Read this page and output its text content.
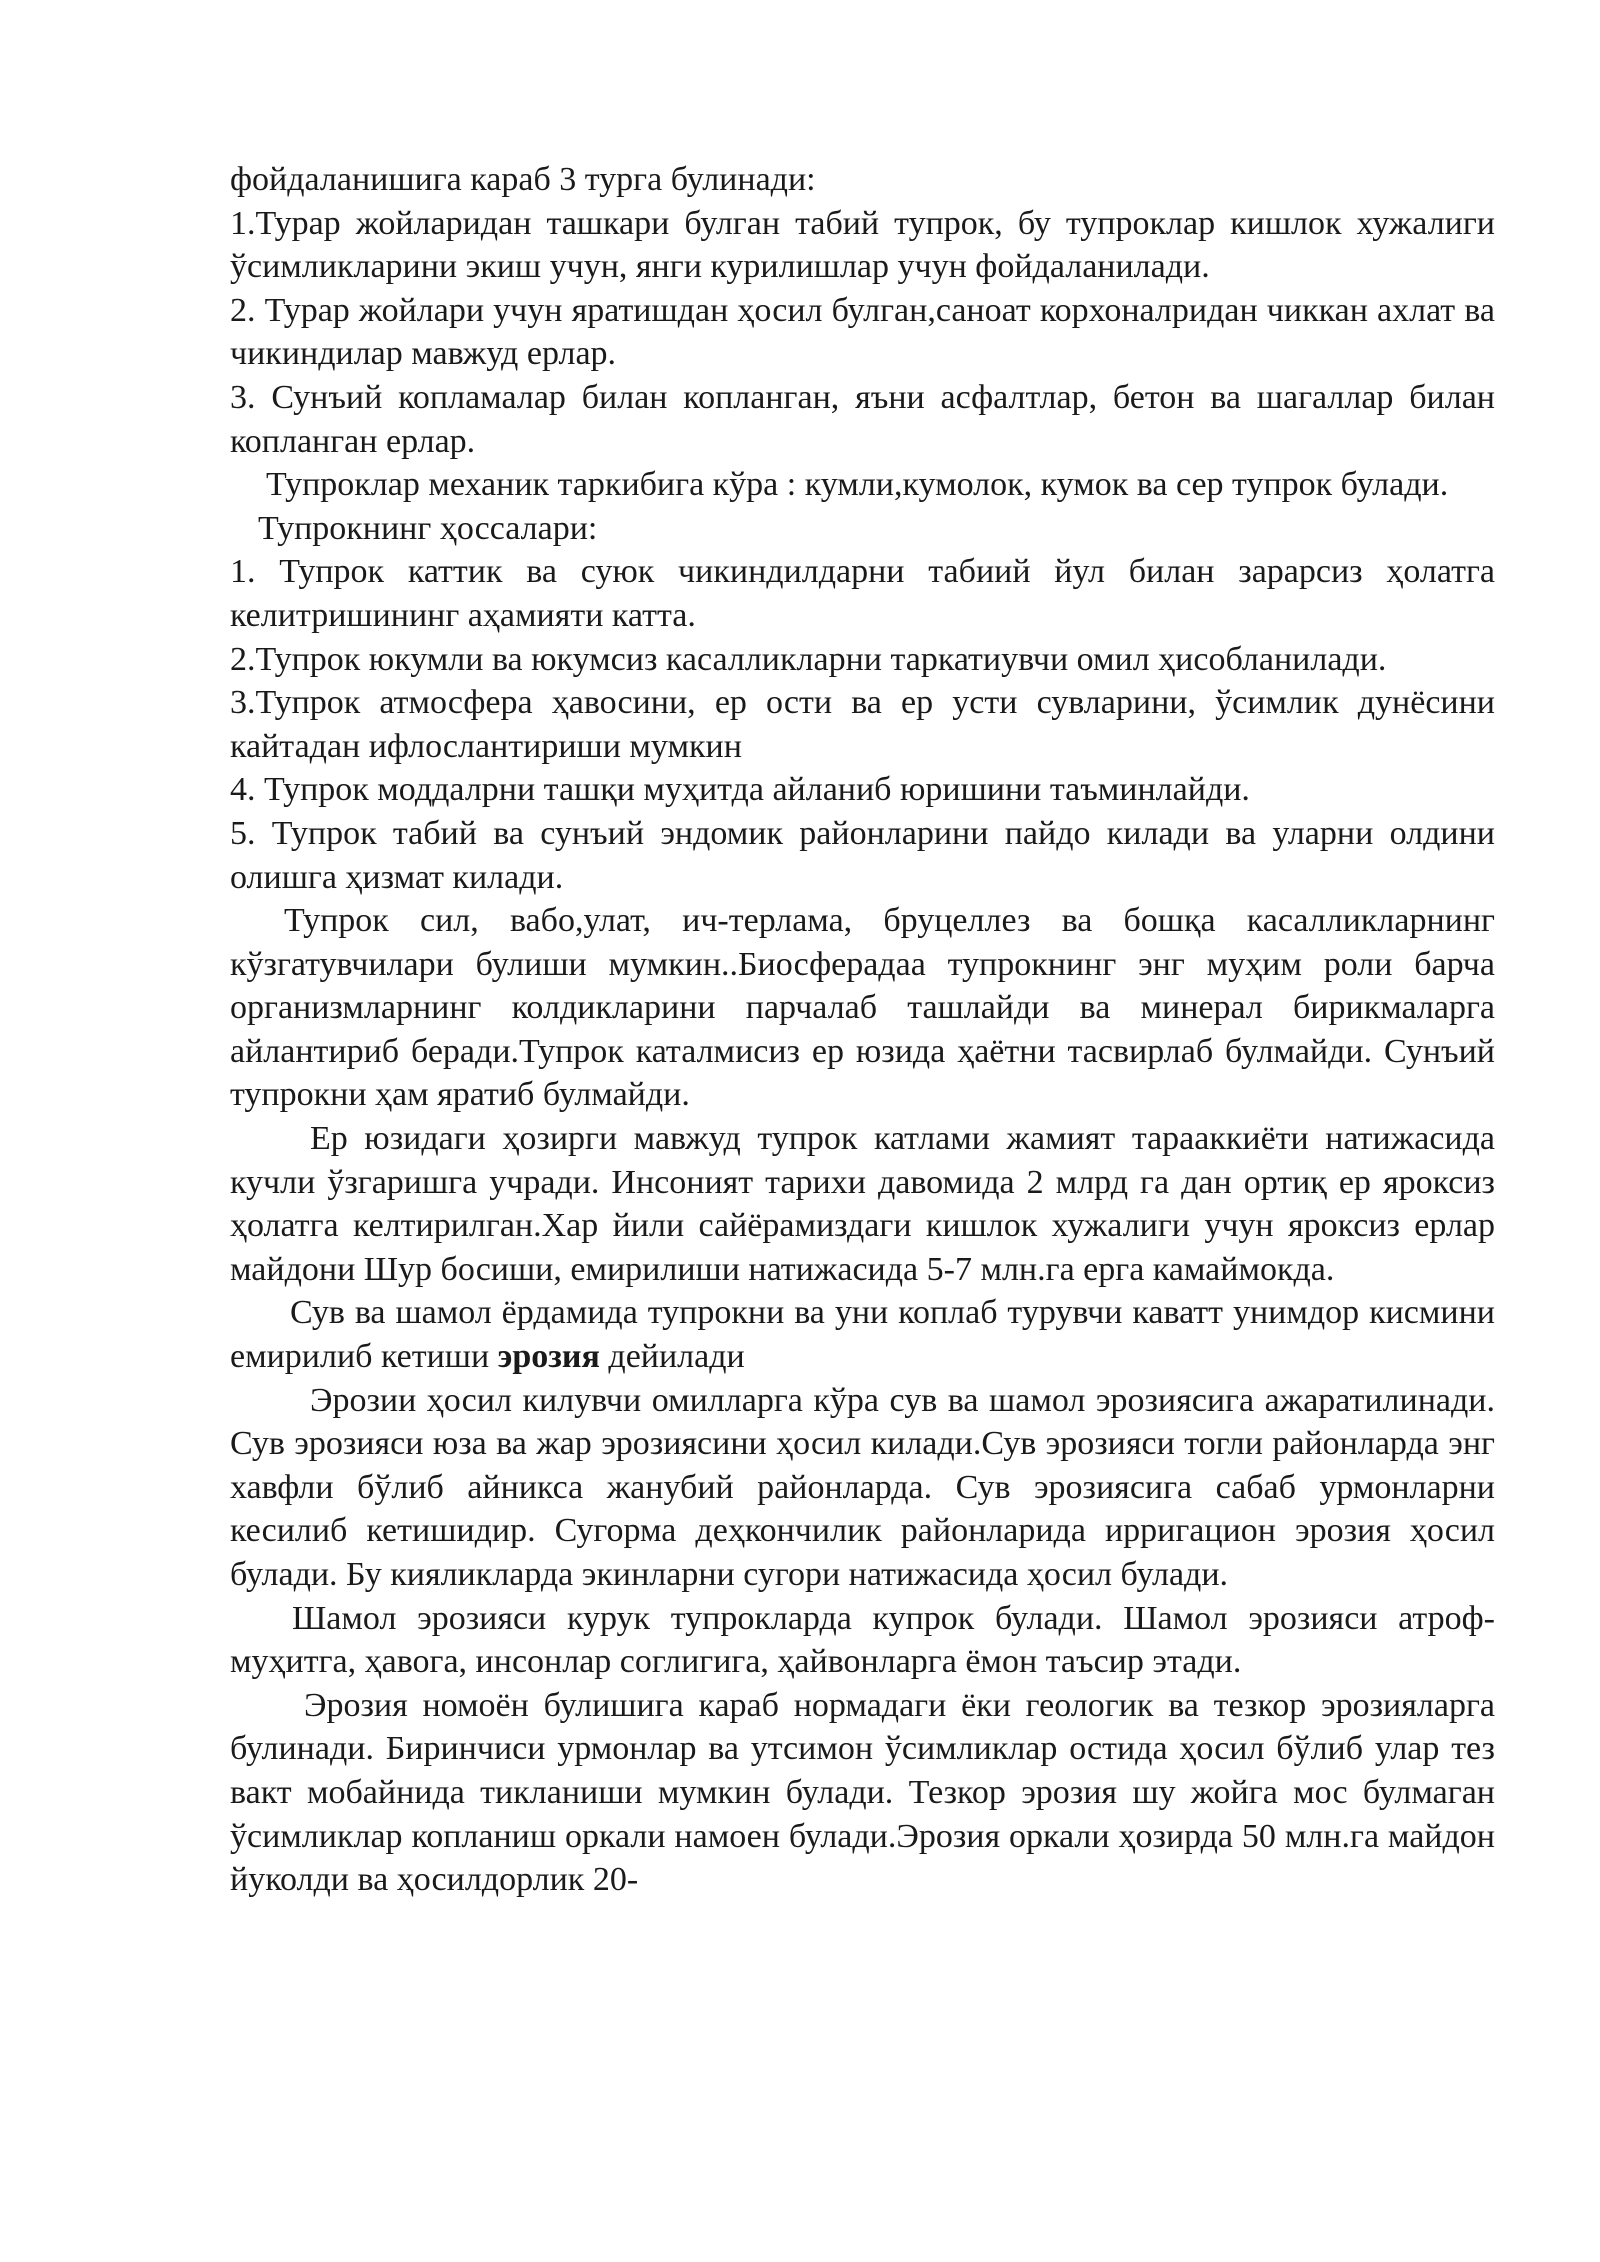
фойдаланишига караб 3 турга булинади:

1.Турар жойларидан ташкари булган табий тупрок, бу тупроклар кишлок хужалиги ўсимликларини экиш учун, янги курилишлар учун фойдаланилади.

2. Турар жойлари учун яратишдан ҳосил булган,саноат корхоналридан чиккан ахлат ва чикиндилар мавжуд ерлар.

3. Сунъий копламалар билан копланган, яъни асфалтлар, бетон ва шагаллар билан копланган ерлар.

Тупроклар механик таркибига кўра : кумли,кумолок, кумок ва сер тупрок булади.

Тупрокнинг ҳоссалари:

1. Тупрок каттик ва суюк чикиндилдарни табиий йул билан зарарсиз ҳолатга келитришининг аҳамияти катта.

2.Тупрок юкумли ва юкумсиз касалликларни таркатиувчи омил ҳисобланилади.

3.Тупрок атмосфера ҳавосини, ер ости ва ер усти сувларини, ўсимлик дунёсини кайтадан ифлослантириши мумкин

4. Тупрок моддалрни ташқи муҳитда айланиб юришини таъминлайди.

5. Тупрок табий ва сунъий эндомик районларини пайдо килади ва уларни олдини олишга ҳизмат килади.

Тупрок сил, вабо,улат, ич-терлама, бруцеллез ва бошқа касалликларнинг кўзгатувчилари булиши мумкин..Биосферадаа тупрокнинг энг муҳим роли барча организмларнинг колдикларини парчалаб ташлайди ва минерал бирикмаларга айлантириб беради.Тупрок каталмисиз ер юзида ҳаётни тасвирлаб булмайди. Сунъий тупрокни ҳам яратиб булмайди.

Ер юзидаги ҳозирги мавжуд тупрок катлами жамият тарааккиёти натижасида кучли ўзгаришга учради. Инсоният тарихи давомида 2 млрд га дан ортиқ ер яроксиз ҳолатга келтирилган.Хар йили сайёрамиздаги кишлок хужалиги учун яроксиз ерлар майдони Шур босиши, емирилиши натижасида 5-7 млн.га ерга камаймокда.

Сув ва шамол ёрдамида тупрокни ва уни коплаб турувчи каватт унимдор кисмини емирилиб кетиши эрозия дейилади

Эрозии ҳосил килувчи омилларга кўра сув ва шамол эрозиясига ажаратилинади. Сув эрозияси юза ва жар эрозиясини ҳосил килади.Сув эрозияси тогли районларда энг хавфли бўлиб айникса жанубий районларда. Сув эрозиясига сабаб урмонларни кесилиб кетишидир. Сугорма деҳкончилик районларида ирригацион эрозия ҳосил булади. Бу кияликларда экинларни сугори натижасида ҳосил булади.

Шамол эрозияси курук тупрокларда купрок булади. Шамол эрозияси атроф-муҳитга, ҳавога, инсонлар соглигига, ҳайвонларга ёмон таъсир этади.

Эрозия номоён булишига караб нормадаги ёки геологик ва тезкор эрозияларга булинади. Биринчиси урмонлар ва утсимон ўсимликлар остида ҳосил бўлиб улар тез вакт мобайнида тикланиши мумкин булади. Тезкор эрозия шу жойга мос булмаган ўсимликлар копланиш оркали намоен булади.Эрозия оркали ҳозирда 50 млн.га майдон йуколди ва ҳосилдорлик 20-
